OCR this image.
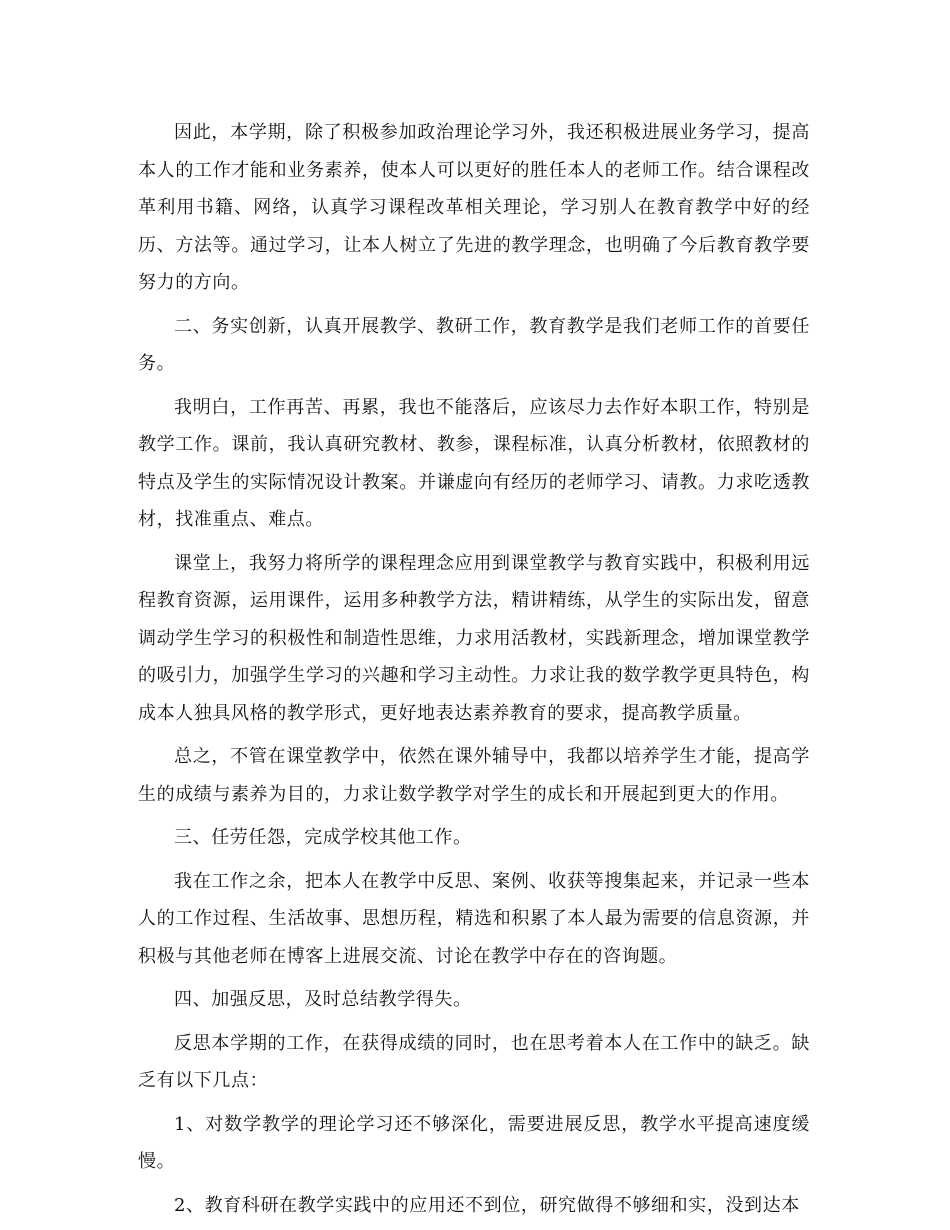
因此，本学期，除了积极参加政治理论学习外，我还积极进展业务学习，提高本人的工作才能和业务素养，使本人可以更好的胜任本人的老师工作。结合课程改革利用书籍、网络，认真学习课程改革相关理论，学习别人在教育教学中好的经历、方法等。通过学习，让本人树立了先进的教学理念，也明确了今后教育教学要努力的方向。

二、务实创新，认真开展教学、教研工作，教育教学是我们老师工作的首要任务。

我明白，工作再苦、再累，我也不能落后，应该尽力去作好本职工作，特别是教学工作。课前，我认真研究教材、教参，课程标准，认真分析教材，依照教材的特点及学生的实际情况设计教案。并谦虚向有经历的老师学习、请教。力求吃透教材，找准重点、难点。

课堂上，我努力将所学的课程理念应用到课堂教学与教育实践中，积极利用远程教育资源，运用课件，运用多种教学方法，精讲精练，从学生的实际出发，留意调动学生学习的积极性和制造性思维，力求用活教材，实践新理念，增加课堂教学的吸引力，加强学生学习的兴趣和学习主动性。力求让我的数学教学更具特色，构成本人独具风格的教学形式，更好地表达素养教育的要求，提高教学质量。

总之，不管在课堂教学中，依然在课外辅导中，我都以培养学生才能，提高学生的成绩与素养为目的，力求让数学教学对学生的成长和开展起到更大的作用。

三、任劳任怨，完成学校其他工作。

我在工作之余，把本人在教学中反思、案例、收获等搜集起来，并记录一些本人的工作过程、生活故事、思想历程，精选和积累了本人最为需要的信息资源，并积极与其他老师在博客上进展交流、讨论在教学中存在的咨询题。

四、加强反思，及时总结教学得失。

反思本学期的工作，在获得成绩的同时，也在思考着本人在工作中的缺乏。缺乏有以下几点：

1、对数学教学的理论学习还不够深化，需要进展反思，教学水平提高速度缓慢。

2、教育科研在教学实践中的应用还不到位，研究做得不够细和实，没到达本
